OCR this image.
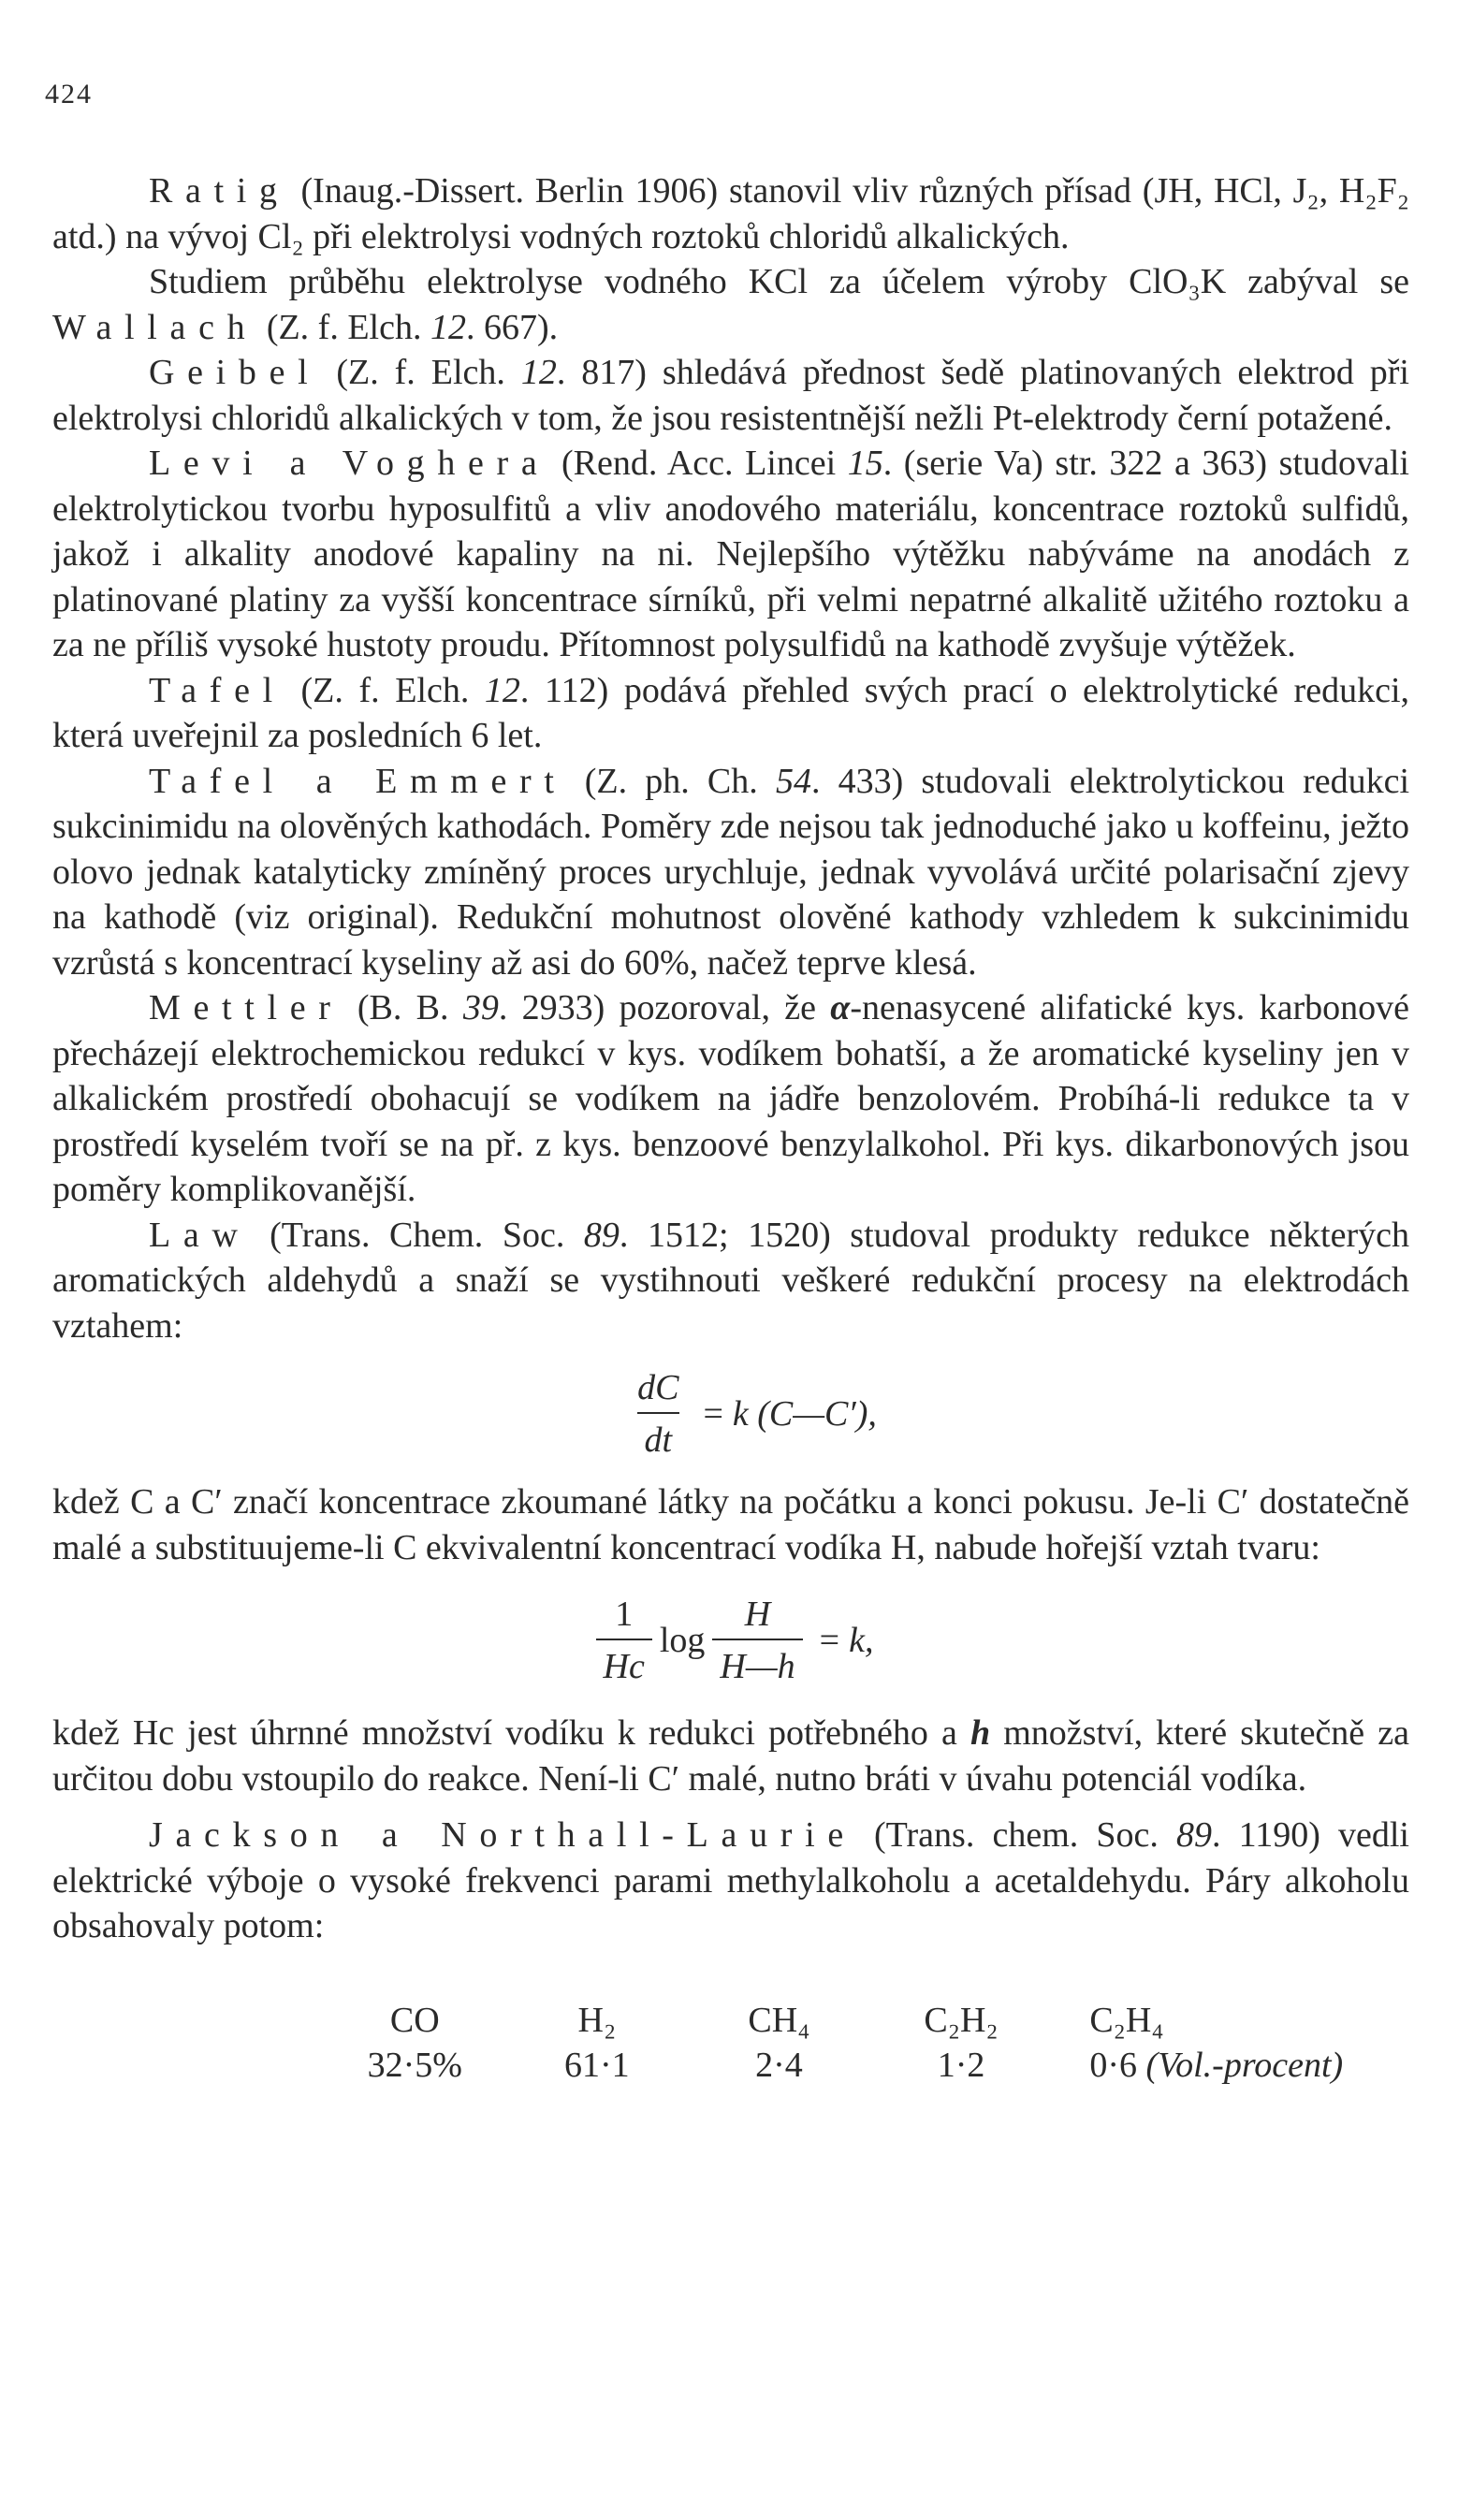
424

Ratig (Inaug.-Dissert. Berlin 1906) stanovil vliv různých přísad (JH, HCl, J₂, H₂F₂ atd.) na vývoj Cl₂ při elektrolysi vodných roztoků chloridů alkalických.

Studiem průběhu elektrolyse vodného KCl za účelem výroby ClO₃K zabýval se Wallach (Z. f. Elch. 12. 667).

Geibel (Z. f. Elch. 12. 817) shledává přednost šedě platinovaných elektrod při elektrolysi chloridů alkalických v tom, že jsou resistentnější nežli Pt-elektrody černí potažené.

Levi a Voghera (Rend. Acc. Lincei 15. (serie Va) str. 322 a 363) studovali elektrolytickou tvorbu hyposulfitů a vliv anodového materiálu, koncentrace roztoků sulfidů, jakož i alkality anodové kapaliny na ni. Nejlepšího výtěžku nabýváme na anodách z platinované platiny za vyšší koncentrace sírníků, při velmi nepatrné alkalitě užitého roztoku a za ne příliš vysoké hustoty proudu. Přítomnost polysulfidů na kathodě zvyšuje výtěžek.

Tafel (Z. f. Elch. 12. 112) podává přehled svých prací o elektrolytické redukci, která uveřejnil za posledních 6 let.

Tafel a Emmert (Z. ph. Ch. 54. 433) studovali elektrolytickou redukci sukcinimidu na olověných kathodách. Poměry zde nejsou tak jednoduché jako u koffeinu, ježto olovo jednak katalyticky zmíněný proces urychluje, jednak vyvolává určité polarisační zjevy na kathodě (viz original). Redukční mohutnost olověné kathody vzhledem k sukcinimidu vzrůstá s koncentrací kyseliny až asi do 60%, načež teprve klesá.

Mettler (B. B. 39. 2933) pozoroval, že α-nenasycené alifatické kys. karbonové přecházejí elektrochemickou redukcí v kys. vodíkem bohatší, a že aromatické kyseliny jen v alkalickém prostředí obohacují se vodíkem na jádře benzolovém. Probíhá-li redukce ta v prostředí kyselém tvoří se na př. z kys. benzoové benzylalkohol. Při kys. dikarbonových jsou poměry komplikovanější.

Law (Trans. Chem. Soc. 89. 1512; 1520) studoval produkty redukce některých aromatických aldehydů a snaží se vystihnouti veškeré redukční procesy na elektrodách vztahem:

$\frac{dC}{dt} = k$ (C—C′),

kdež C a C′ značí koncentrace zkoumané látky na počátku a konci pokusu. Je-li C′ dostatečně malé a substituujeme-li C ekvivalentní koncentrací vodíka H, nabude hořejší vztah tvaru:

$\frac{1}{Hc}$ $\log \frac{H}{H—h} = k$,

kdež Hc jest úhrnné množství vodíku k redukci potřebného a h množství, které skutečně za určitou dobu vstoupilo do reakce. Není-li C′ malé, nutno bráti v úvahu potenciál vodíka.

Jackson a Northall-Laurie (Trans. chem. Soc. 89. 1190) vedli elektrické výboje o vysoké frekvenci parami methylalkoholu a acetaldehydu. Páry alkoholu obsahovaly potom:

CO	H₂	CH₄	C₂H₂	C₂H₄
32·5%	61·1	2·4	1·2	0·6 (Vol.-procent)
